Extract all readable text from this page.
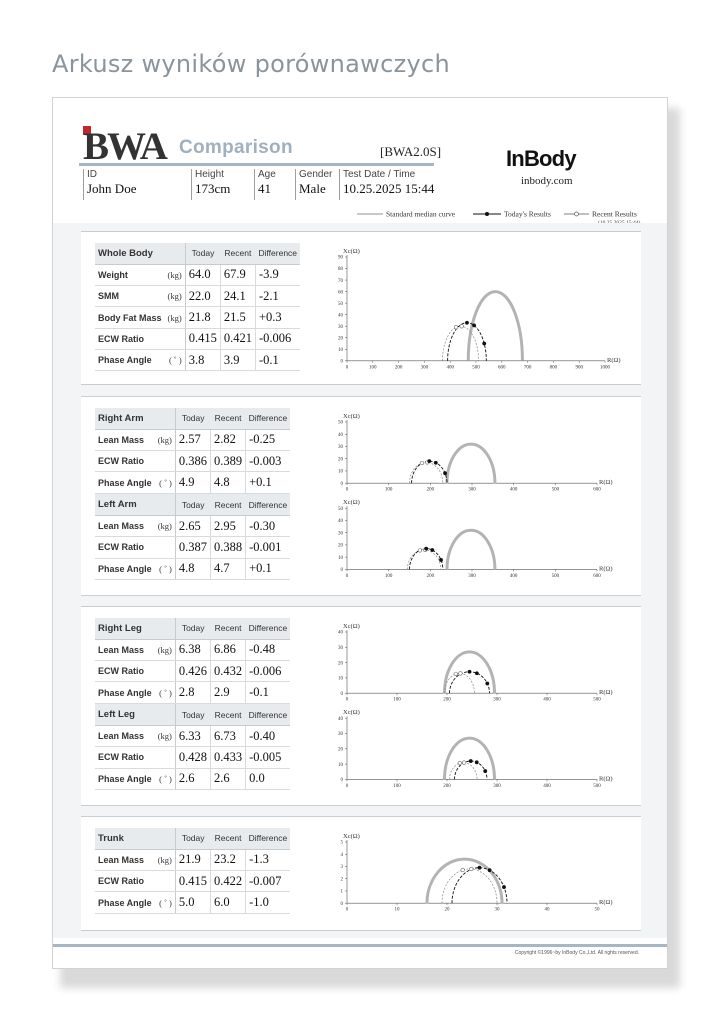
Arkusz wyników porównawczych
BWA Comparison	[BWA2.0S]	InBody
inbody.com
ID
John Doe
Height
173cm
Age
41
Gender
Male
Test Date / Time
10.25.2025 15:44
Standard median curve	Today's Results	Recent Results
Whole Body		Today	Recent	Difference
Weight	(kg)	64.0	67.9	-3.9
SMM	(kg)	22.0	24.1	-2.1
Body Fat Mass	(kg)	21.8	21.5	+0.3
ECW Ratio		0.415	0.421	-0.006
Phase Angle	( ˚ )	3.8	3.9	-0.1
Xc(Ω)
R(Ω)
0
10
20
30
40
50
60
70
80
90
0	100	200	300	400	500	600	700	800	900	1000
Right Arm		Today	Recent	Difference
Lean Mass	(kg)	2.57	2.82	-0.25
ECW Ratio		0.386	0.389	-0.003
Phase Angle	( ˚ )	4.9	4.8	+0.1
Left Arm		Today	Recent	Difference
Lean Mass	(kg)	2.65	2.95	-0.30
ECW Ratio		0.387	0.388	-0.001
Phase Angle	( ˚ )	4.8	4.7	+0.1
Xc(Ω)
R(Ω)
0
10
20
30
40
50
0	100	200	300	400	500	600
Xc(Ω)
R(Ω)
0
10
20
30
40
50
0	100	200	300	400	500	600
Right Leg		Today	Recent	Difference
Lean Mass	(kg)	6.38	6.86	-0.48
ECW Ratio		0.426	0.432	-0.006
Phase Angle	( ˚ )	2.8	2.9	-0.1
Left Leg		Today	Recent	Difference
Lean Mass	(kg)	6.33	6.73	-0.40
ECW Ratio		0.428	0.433	-0.005
Phase Angle	( ˚ )	2.6	2.6	0.0
Xc(Ω)
R(Ω)
0
10
20
30
40
0	100	200	300	400	500
Xc(Ω)
R(Ω)
0
10
20
30
40
0	100	200	300	400	500
Trunk		Today	Recent	Difference
Lean Mass	(kg)	21.9	23.2	-1.3
ECW Ratio		0.415	0.422	-0.007
Phase Angle	( ˚ )	5.0	6.0	-1.0
Xc(Ω)
R(Ω)
0
1
2
3
4
5
0	10	20	30	40	50
Copyright ©1996~by InBody Co.,Ltd. All rights reserved.
